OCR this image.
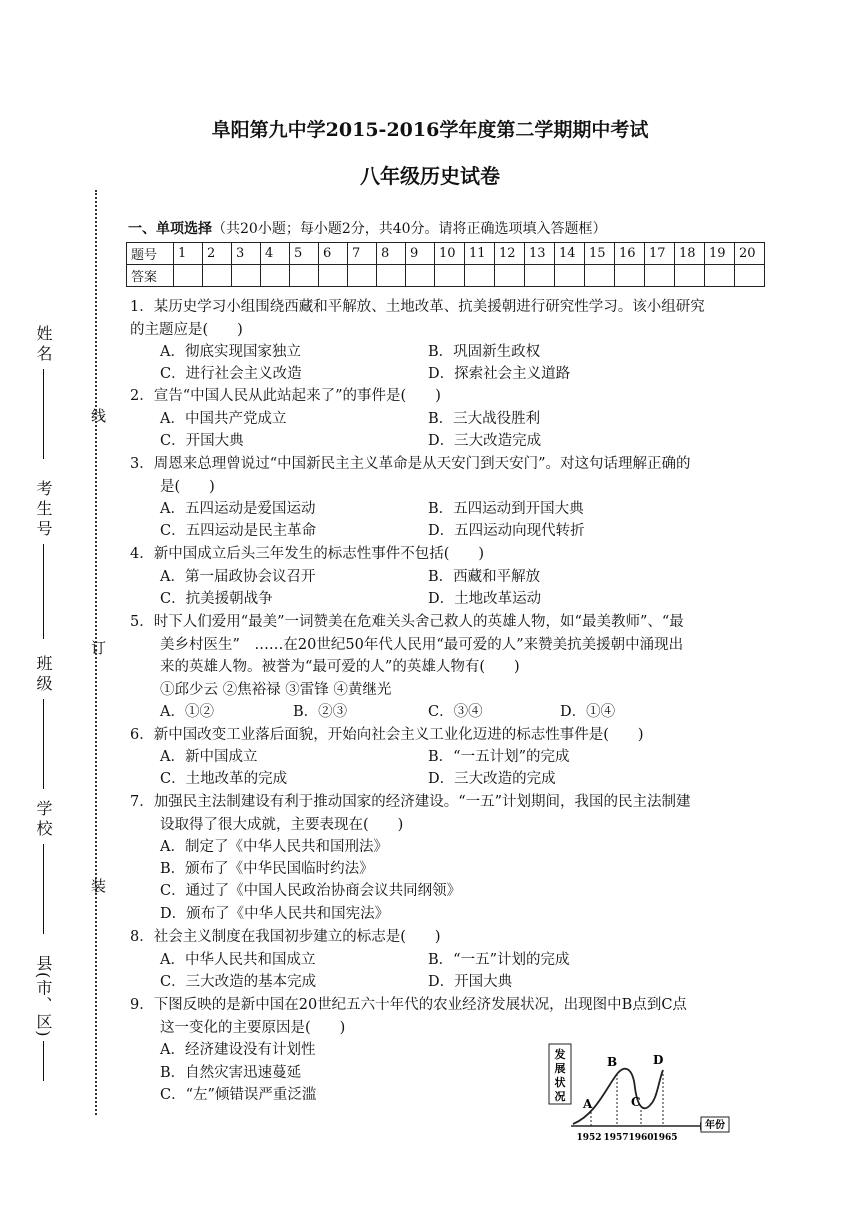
阜阳第九中学2015-2016学年度第二学期期中考试
八年级历史试卷
线
订
装
姓名
考生号
班级
学校
县(市、区)
一、单项选择（共20小题；每小题2分，共40分。请将正确选项填入答题框）
题号	1	2	3	4	5	6	7	8	9	10	11	12	13	14	15	16	17	18	19	20
答案																				
1．某历史学习小组围绕西藏和平解放、土地改革、抗美援朝进行研究性学习。该小组研究
的主题应是(　　)
A．彻底实现国家独立	B．巩固新生政权
C．进行社会主义改造	D．探索社会主义道路
2．宣告“中国人民从此站起来了”的事件是(　　)
A．中国共产党成立	B．三大战役胜利
C．开国大典	D．三大改造完成
3．周恩来总理曾说过“中国新民主主义革命是从天安门到天安门”。对这句话理解正确的
是(　　)
A．五四运动是爱国运动	B．五四运动到开国大典
C．五四运动是民主革命	D．五四运动向现代转折
4．新中国成立后头三年发生的标志性事件不包括(　　)
A．第一届政协会议召开	B．西藏和平解放
C．抗美援朝战争	D．土地改革运动
5．时下人们爱用“最美”一词赞美在危难关头舍己救人的英雄人物，如“最美教师”、“最
美乡村医生”　……在20世纪50年代人民用“最可爱的人”来赞美抗美援朝中涌现出
来的英雄人物。被誉为“最可爱的人”的英雄人物有(　　)
①邱少云 ②焦裕禄 ③雷锋 ④黄继光
A．①②	B．②③	C．③④	D．①④
6．新中国改变工业落后面貌，开始向社会主义工业化迈进的标志性事件是(　　)
A．新中国成立	B．“一五计划”的完成
C．土地改革的完成	D．三大改造的完成
7．加强民主法制建设有利于推动国家的经济建设。“一五”计划期间，我国的民主法制建
设取得了很大成就，主要表现在(　　)
A．制定了《中华人民共和国刑法》
B．颁布了《中华民国临时约法》
C．通过了《中国人民政治协商会议共同纲领》
D．颁布了《中华人民共和国宪法》
8．社会主义制度在我国初步建立的标志是(　　)
A．中华人民共和国成立	B．“一五”计划的完成
C．三大改造的基本完成	D．开国大典
9．下图反映的是新中国在20世纪五六十年代的农业经济发展状况，出现图中B点到C点
这一变化的主要原因是(　　)
A．经济建设没有计划性
B．自然灾害迅速蔓延
C．“左”倾错误严重泛滥
发
展
状
况
年份
A
B
C
D
1952 1957 1960
1965
